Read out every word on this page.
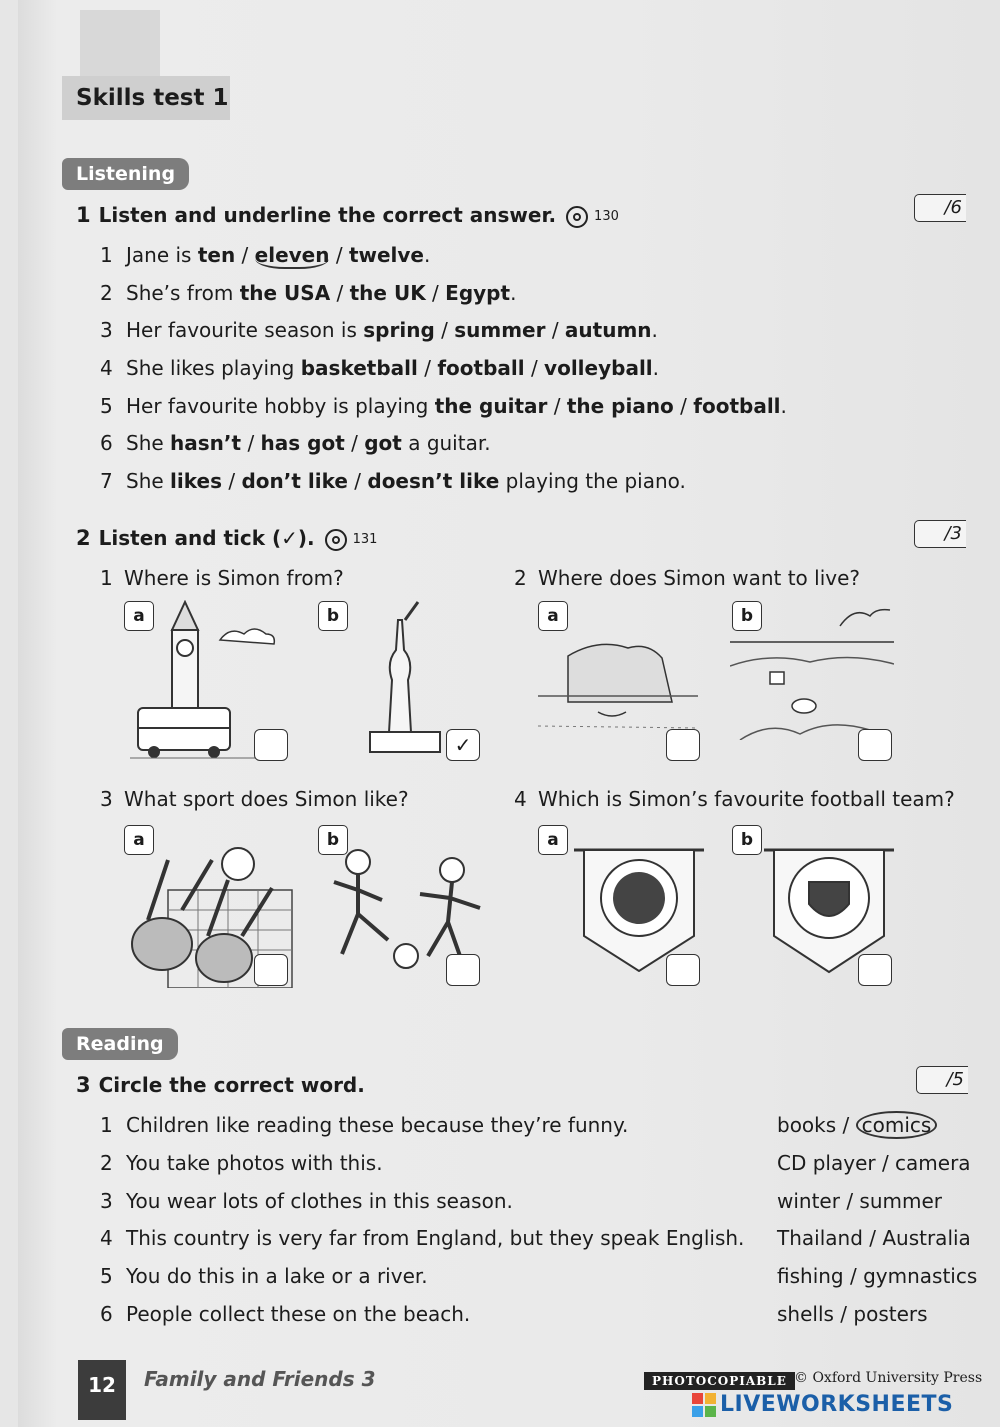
Skills test 1
Listening
1 Listen and underline the correct answer.	130	/6
1 Jane is ten / eleven / twelve.
2 She’s from the USA / the UK / Egypt.
3 Her favourite season is spring / summer / autumn.
4 She likes playing basketball / football / volleyball.
5 Her favourite hobby is playing the guitar / the piano / football.
6 She hasn’t / has got / got a guitar.
7 She likes / don’t like / doesn’t like playing the piano.
2 Listen and tick (✓).	131	/3
1 Where is Simon from?
a	b
✓
2 Where does Simon want to live?
a	b
3 What sport does Simon like?
a	b
4 Which is Simon’s favourite football team?
a	b
Reading
3 Circle the correct word.	/5
1 Children like reading these because they’re funny.	books / comics
2 You take photos with this.	CD player / camera
3 You wear lots of clothes in this season.	winter / summer
4 This country is very far from England, but they speak English. Thailand / Australia
5 You do this in a lake or a river.	fishing / gymnastics
6 People collect these on the beach.	shells / posters
12	Family and Friends 3	PHOTOCOPIABLE © Oxford University Press
LIVEWORKSHEETS
